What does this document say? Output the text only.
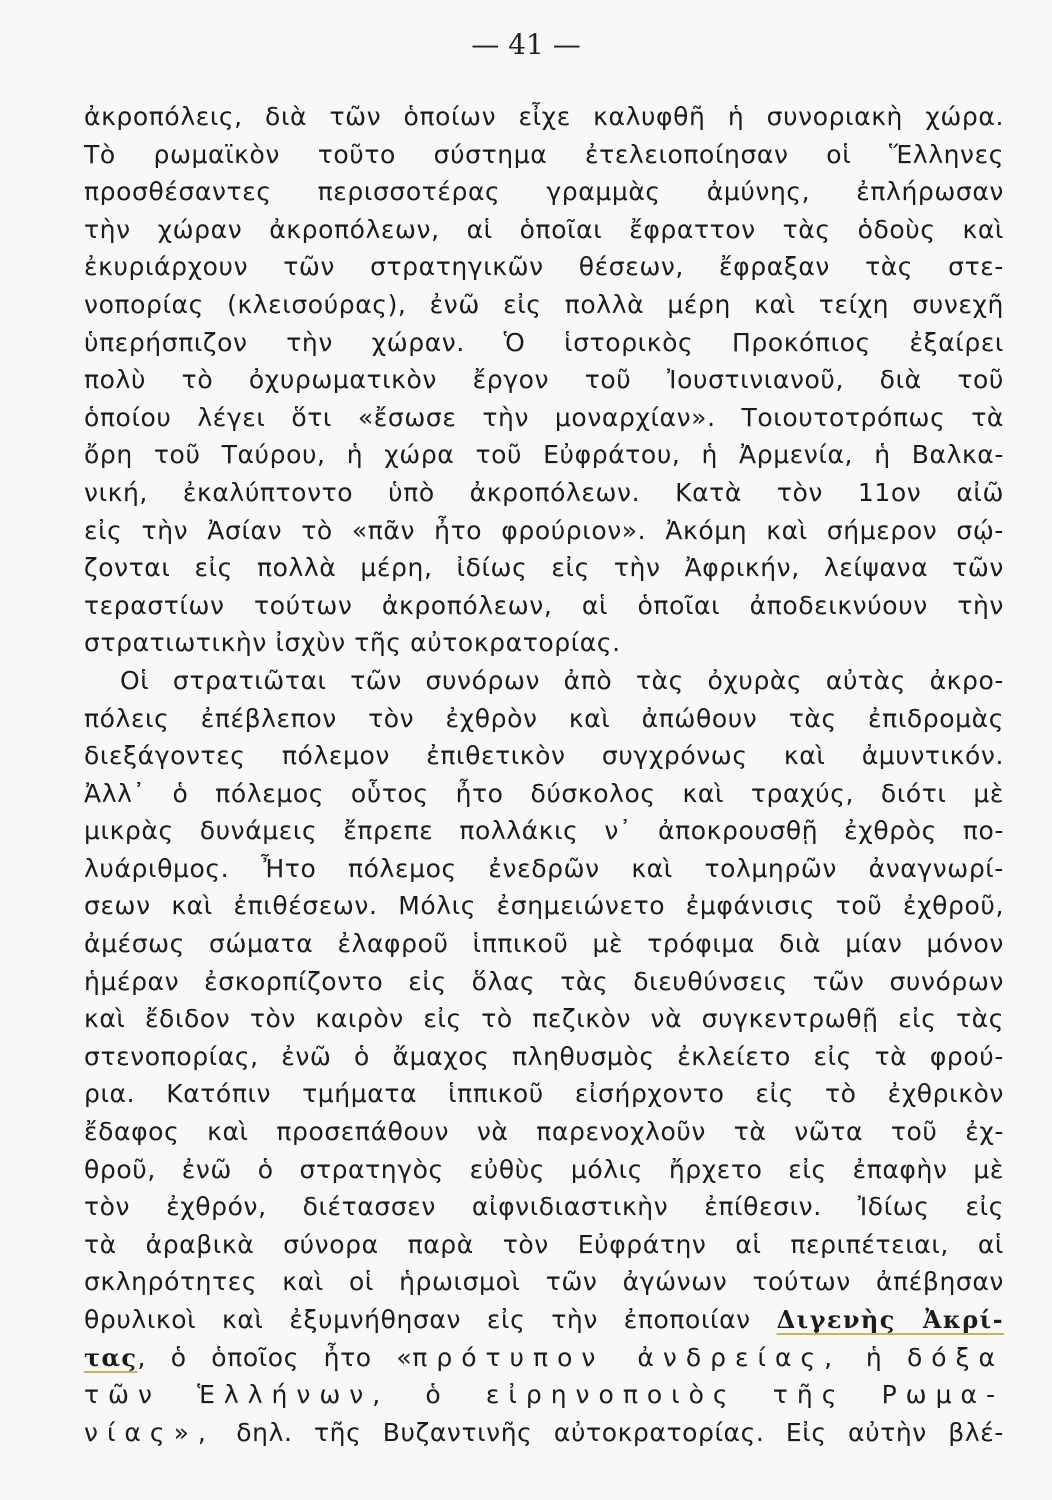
— 41 —
ἀκροπόλεις, διὰ τῶν ὁποίων εἶχε καλυφθῆ ἡ συνοριακὴ χώρα.
Τὸ ρωμαϊκὸν τοῦτο σύστημα ἐτελειοποίησαν οἱ Ἕλληνες
προσθέσαντες περισσοτέρας γραμμὰς ἀμύνης, ἐπλήρωσαν
τὴν χώραν ἀκροπόλεων, αἱ ὁποῖαι ἔφραττον τὰς ὁδοὺς καὶ
ἐκυριάρχουν τῶν στρατηγικῶν θέσεων, ἔφραξαν τὰς στε-
νοπορίας (κλεισούρας), ἐνῶ εἰς πολλὰ μέρη καὶ τείχη συνεχῆ
ὑπερήσπιζον τὴν χώραν. Ὁ ἱστορικὸς Προκόπιος ἐξαίρει
πολὺ τὸ ὀχυρωματικὸν ἔργον τοῦ Ἰουστινιανοῦ, διὰ τοῦ
ὁποίου λέγει ὅτι «ἔσωσε τὴν μοναρχίαν». Τοιουτοτρόπως τὰ
ὄρη τοῦ Ταύρου, ἡ χώρα τοῦ Εὐφράτου, ἡ Ἀρμενία, ἡ Βαλκα-
νική, ἐκαλύπτοντο ὑπὸ ἀκροπόλεων. Κατὰ τὸν 11ον αἰῶ
εἰς τὴν Ἀσίαν τὸ «πᾶν ἦτο φρούριον». Ἀκόμη καὶ σήμερον σῴ-
ζονται εἰς πολλὰ μέρη, ἰδίως εἰς τὴν Ἀφρικήν, λείψανα τῶν
τεραστίων τούτων ἀκροπόλεων, αἱ ὁποῖαι ἀποδεικνύουν τὴν
στρατιωτικὴν ἰσχὺν τῆς αὐτοκρατορίας.
Οἱ στρατιῶται τῶν συνόρων ἀπὸ τὰς ὀχυρὰς αὐτὰς ἀκρο-
πόλεις ἐπέβλεπον τὸν ἐχθρὸν καὶ ἀπώθουν τὰς ἐπιδρομὰς
διεξάγοντες πόλεμον ἐπιθετικὸν συγχρόνως καὶ ἀμυντικόν.
Ἀλλ᾽ ὁ πόλεμος οὗτος ἦτο δύσκολος καὶ τραχύς, διότι μὲ
μικρὰς δυνάμεις ἔπρεπε πολλάκις ν᾽ ἀποκρουσθῇ ἐχθρὸς πο-
λυάριθμος. Ἦτο πόλεμος ἐνεδρῶν καὶ τολμηρῶν ἀναγνωρί-
σεων καὶ ἐπιθέσεων. Μόλις ἐσημειώνετο ἐμφάνισις τοῦ ἐχθροῦ,
ἀμέσως σώματα ἐλαφροῦ ἱππικοῦ μὲ τρόφιμα διὰ μίαν μόνον
ἡμέραν ἐσκορπίζοντο εἰς ὅλας τὰς διευθύνσεις τῶν συνόρων
καὶ ἔδιδον τὸν καιρὸν εἰς τὸ πεζικὸν νὰ συγκεντρωθῇ εἰς τὰς
στενοπορίας, ἐνῶ ὁ ἄμαχος πληθυσμὸς ἐκλείετο εἰς τὰ φρού-
ρια. Κατόπιν τμήματα ἱππικοῦ εἰσήρχοντο εἰς τὸ ἐχθρικὸν
ἔδαφος καὶ προσεπάθουν νὰ παρενοχλοῦν τὰ νῶτα τοῦ ἐχ-
θροῦ, ἐνῶ ὁ στρατηγὸς εὐθὺς μόλις ἤρχετο εἰς ἐπαφὴν μὲ
τὸν ἐχθρόν, διέτασσεν αἰφνιδιαστικὴν ἐπίθεσιν. Ἰδίως εἰς
τὰ ἀραβικὰ σύνορα παρὰ τὸν Εὐφράτην αἱ περιπέτειαι, αἱ
σκληρότητες καὶ οἱ ἡρωισμοὶ τῶν ἀγώνων τούτων ἀπέβησαν
θρυλικοὶ καὶ ἐξυμνήθησαν εἰς τὴν ἐποποιίαν Διγενὴς Ἀκρί-
τας, ὁ ὁποῖος ἦτο «πρότυπον ἀνδρείας, ἡ δόξα
τῶν Ἑλλήνων, ὁ εἰρηνοποιὸς τῆς Ρωμα-
νίας», δηλ. τῆς Βυζαντινῆς αὐτοκρατορίας. Εἰς αὐτὴν βλέ-
